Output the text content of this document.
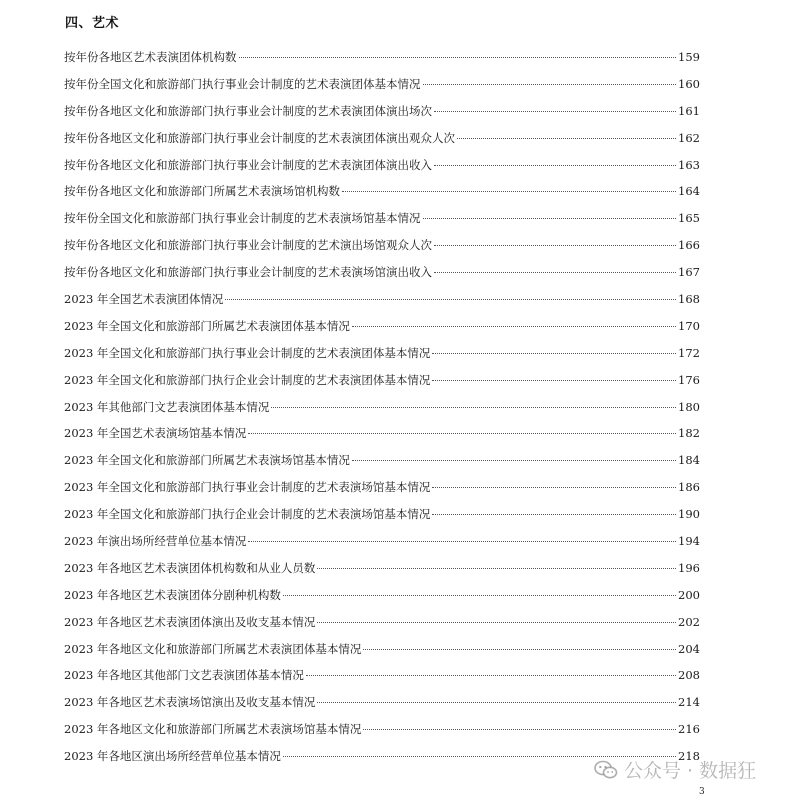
四、艺术
按年份各地区艺术表演团体机构数	159
按年份全国文化和旅游部门执行事业会计制度的艺术表演团体基本情况	160
按年份各地区文化和旅游部门执行事业会计制度的艺术表演团体演出场次	161
按年份各地区文化和旅游部门执行事业会计制度的艺术表演团体演出观众人次	162
按年份各地区文化和旅游部门执行事业会计制度的艺术表演团体演出收入	163
按年份各地区文化和旅游部门所属艺术表演场馆机构数	164
按年份全国文化和旅游部门执行事业会计制度的艺术表演场馆基本情况	165
按年份各地区文化和旅游部门执行事业会计制度的艺术演出场馆观众人次	166
按年份各地区文化和旅游部门执行事业会计制度的艺术表演场馆演出收入	167
2023 年全国艺术表演团体情况	168
2023 年全国文化和旅游部门所属艺术表演团体基本情况	170
2023 年全国文化和旅游部门执行事业会计制度的艺术表演团体基本情况	172
2023 年全国文化和旅游部门执行企业会计制度的艺术表演团体基本情况	176
2023 年其他部门文艺表演团体基本情况	180
2023 年全国艺术表演场馆基本情况	182
2023 年全国文化和旅游部门所属艺术表演场馆基本情况	184
2023 年全国文化和旅游部门执行事业会计制度的艺术表演场馆基本情况	186
2023 年全国文化和旅游部门执行企业会计制度的艺术表演场馆基本情况	190
2023 年演出场所经营单位基本情况	194
2023 年各地区艺术表演团体机构数和从业人员数	196
2023 年各地区艺术表演团体分剧种机构数	200
2023 年各地区艺术表演团体演出及收支基本情况	202
2023 年各地区文化和旅游部门所属艺术表演团体基本情况	204
2023 年各地区其他部门文艺表演团体基本情况	208
2023 年各地区艺术表演场馆演出及收支基本情况	214
2023 年各地区文化和旅游部门所属艺术表演场馆基本情况	216
2023 年各地区演出场所经营单位基本情况	218
公众号 · 数据狂
3
